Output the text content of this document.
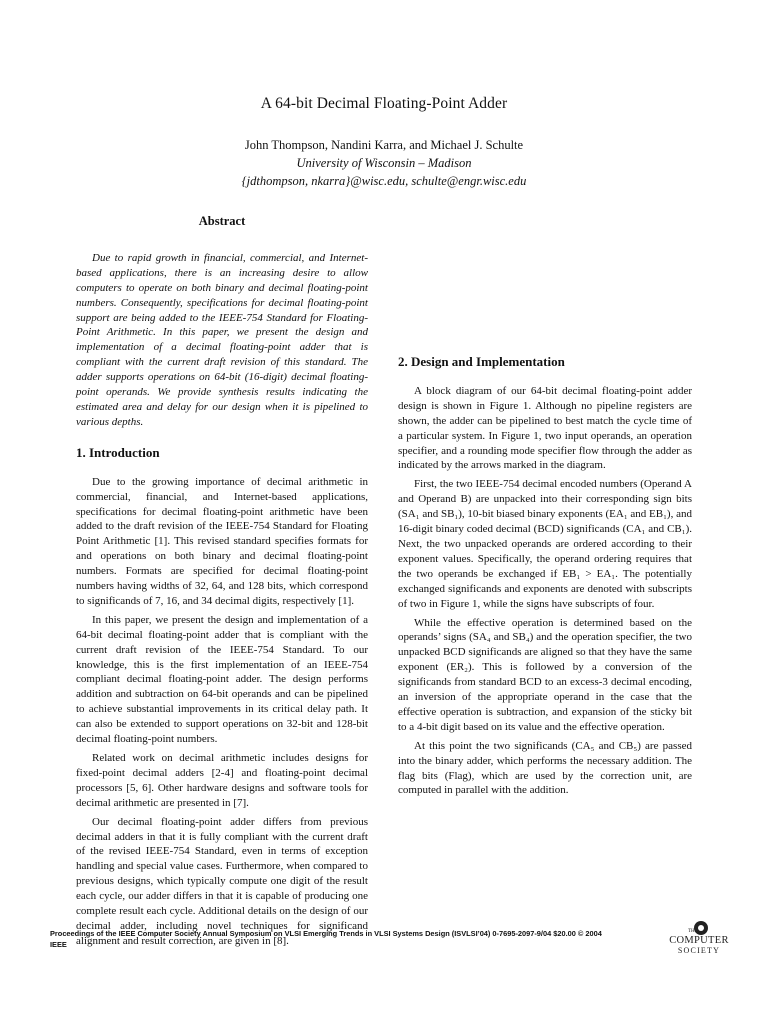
A 64-bit Decimal Floating-Point Adder
John Thompson, Nandini Karra, and Michael J. Schulte
University of Wisconsin – Madison
{jdthompson, nkarra}@wisc.edu, schulte@engr.wisc.edu
Abstract

Due to rapid growth in financial, commercial, and Internet-based applications, there is an increasing desire to allow computers to operate on both binary and decimal floating-point numbers. Consequently, specifications for decimal floating-point support are being added to the IEEE-754 Standard for Floating-Point Arithmetic. In this paper, we present the design and implementation of a decimal floating-point adder that is compliant with the current draft revision of this standard. The adder supports operations on 64-bit (16-digit) decimal floating-point operands. We provide synthesis results indicating the estimated area and delay for our design when it is pipelined to various depths.

1. Introduction

Due to the growing importance of decimal arithmetic in commercial, financial, and Internet-based applications, specifications for decimal floating-point arithmetic have been added to the draft revision of the IEEE-754 Standard for Floating Point Arithmetic [1]. This revised standard specifies formats for and operations on both binary and decimal floating-point numbers. Formats are specified for decimal floating-point numbers having widths of 32, 64, and 128 bits, which correspond to significands of 7, 16, and 34 decimal digits, respectively [1].

In this paper, we present the design and implementation of a 64-bit decimal floating-point adder that is compliant with the current draft revision of the IEEE-754 Standard. To our knowledge, this is the first implementation of an IEEE-754 compliant decimal floating-point adder. The design performs addition and subtraction on 64-bit operands and can be pipelined to achieve substantial improvements in its critical delay path. It can also be extended to support operations on 32-bit and 128-bit decimal floating-point numbers.

Related work on decimal arithmetic includes designs for fixed-point decimal adders [2-4] and floating-point decimal processors [5, 6]. Other hardware designs and software tools for decimal arithmetic are presented in [7].

Our decimal floating-point adder differs from previous decimal adders in that it is fully compliant with the current draft of the revised IEEE-754 Standard, even in terms of exception handling and special value cases. Furthermore, when compared to previous designs, which typically compute one digit of the result each cycle, our adder differs in that it is capable of producing one complete result each cycle. Additional details on the design of our decimal adder, including novel techniques for significand alignment and result correction, are given in [8].

2. Design and Implementation

A block diagram of our 64-bit decimal floating-point adder design is shown in Figure 1. Although no pipeline registers are shown, the adder can be pipelined to best match the cycle time of a particular system. In Figure 1, two input operands, an operation specifier, and a rounding mode specifier flow through the adder as indicated by the arrows marked in the diagram.

First, the two IEEE-754 decimal encoded numbers (Operand A and Operand B) are unpacked into their corresponding sign bits (SA₁ and SB₁), 10-bit biased binary exponents (EA₁ and EB₁), and 16-digit binary coded decimal (BCD) significands (CA₁ and CB₁). Next, the two unpacked operands are ordered according to their exponent values. Specifically, the operand ordering requires that the two operands be exchanged if EB₁ > EA₁. The potentially exchanged significands and exponents are denoted with subscripts of two in Figure 1, while the signs have subscripts of four.

While the effective operation is determined based on the operands’ signs (SA₄ and SB₄) and the operation specifier, the two unpacked BCD significands are aligned so that they have the same exponent (ER₂). This is followed by a conversion of the significands from standard BCD to an excess-3 decimal encoding, an inversion of the appropriate operand in the case that the effective operation is subtraction, and expansion of the sticky bit to a 4-bit digit based on its value and the effective operation.

At this point the two significands (CA₅ and CB₅) are passed into the binary adder, which performs the necessary addition. The flag bits (Flag), which are used by the correction unit, are computed in parallel with the addition.

Proceedings of the IEEE Computer Society Annual Symposium on VLSI Emerging Trends in VLSI Systems Design (ISVLSI’04) 0-7695-2097-9/04 $20.00 © 2004 IEEE
THE
COMPUTER
SOCIETY
